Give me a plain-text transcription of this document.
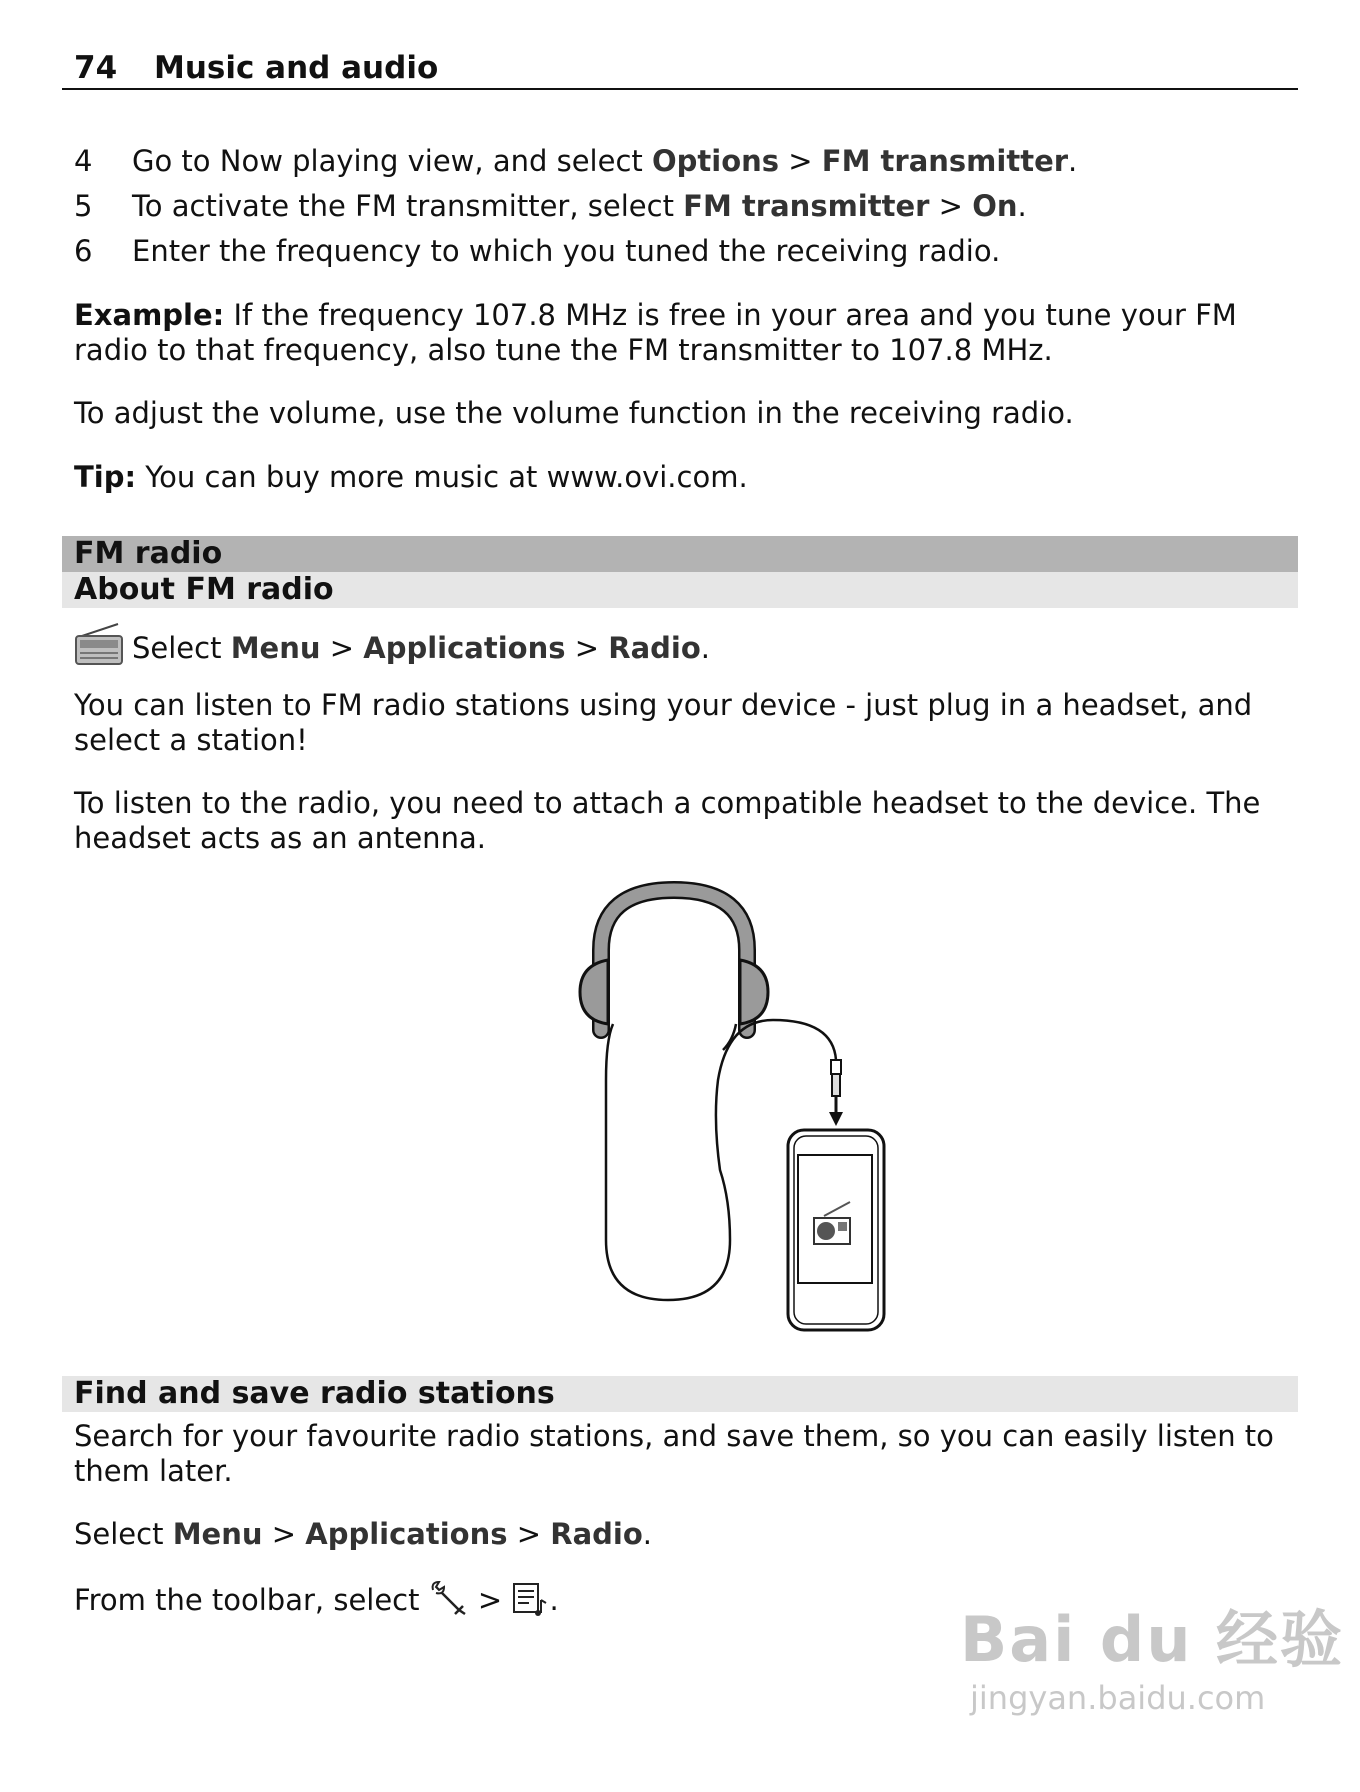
74 Music and audio
4 Go to Now playing view, and select Options > FM transmitter.
5 To activate the FM transmitter, select FM transmitter > On.
6 Enter the frequency to which you tuned the receiving radio.
Example: If the frequency 107.8 MHz is free in your area and you tune your FM radio to that frequency, also tune the FM transmitter to 107.8 MHz.
To adjust the volume, use the volume function in the receiving radio.
Tip: You can buy more music at www.ovi.com.
FM radio
About FM radio
Select Menu > Applications > Radio.
You can listen to FM radio stations using your device - just plug in a headset, and select a station!
To listen to the radio, you need to attach a compatible headset to the device. The headset acts as an antenna.
Find and save radio stations
Search for your favourite radio stations, and save them, so you can easily listen to them later.
Select Menu > Applications > Radio.
From the toolbar, select  > .
Bai du 经验
jingyan.baidu.com
